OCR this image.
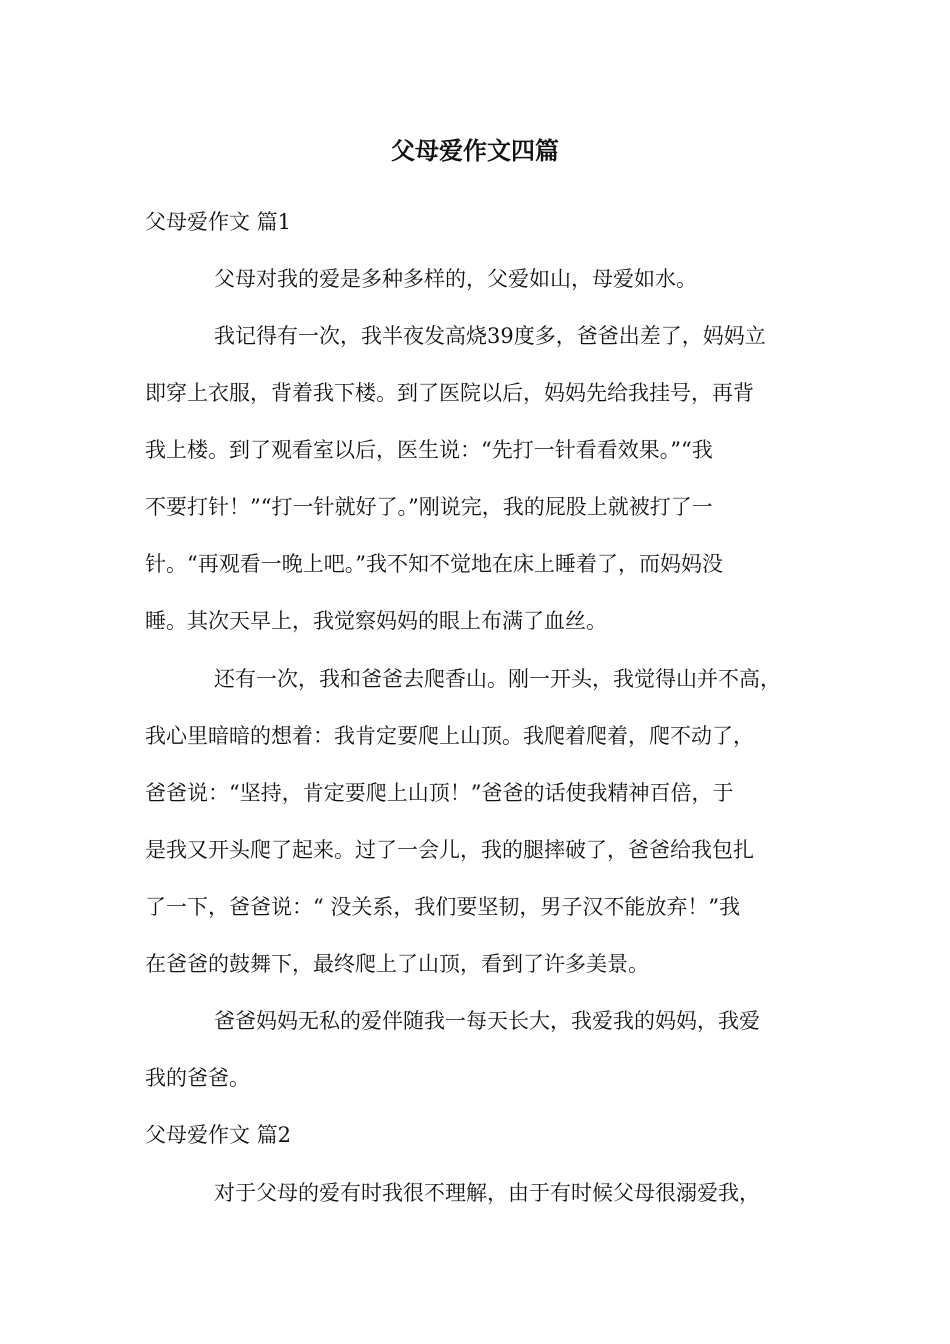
父母爱作文四篇

父母爱作文 篇1

父母对我的爱是多种多样的，父爱如山，母爱如水。

我记得有一次，我半夜发高烧39度多，爸爸出差了，妈妈立

即穿上衣服，背着我下楼。到了医院以后，妈妈先给我挂号，再背

我上楼。到了观看室以后，医生说：“先打一针看看效果。”“我

不要打针！”“打一针就好了。”刚说完，我的屁股上就被打了一

针。“再观看一晚上吧。”我不知不觉地在床上睡着了，而妈妈没

睡。其次天早上，我觉察妈妈的眼上布满了血丝。

还有一次，我和爸爸去爬香山。刚一开头，我觉得山并不高，

我心里暗暗的想着：我肯定要爬上山顶。我爬着爬着，爬不动了，

爸爸说：“坚持，肯定要爬上山顶！”爸爸的话使我精神百倍，于

是我又开头爬了起来。过了一会儿，我的腿摔破了，爸爸给我包扎

了一下，爸爸说：“ 没关系，我们要坚韧，男子汉不能放弃！”我

在爸爸的鼓舞下，最终爬上了山顶，看到了许多美景。

爸爸妈妈无私的爱伴随我一每天长大，我爱我的妈妈，我爱

我的爸爸。

父母爱作文 篇2

对于父母的爱有时我很不理解，由于有时候父母很溺爱我，
